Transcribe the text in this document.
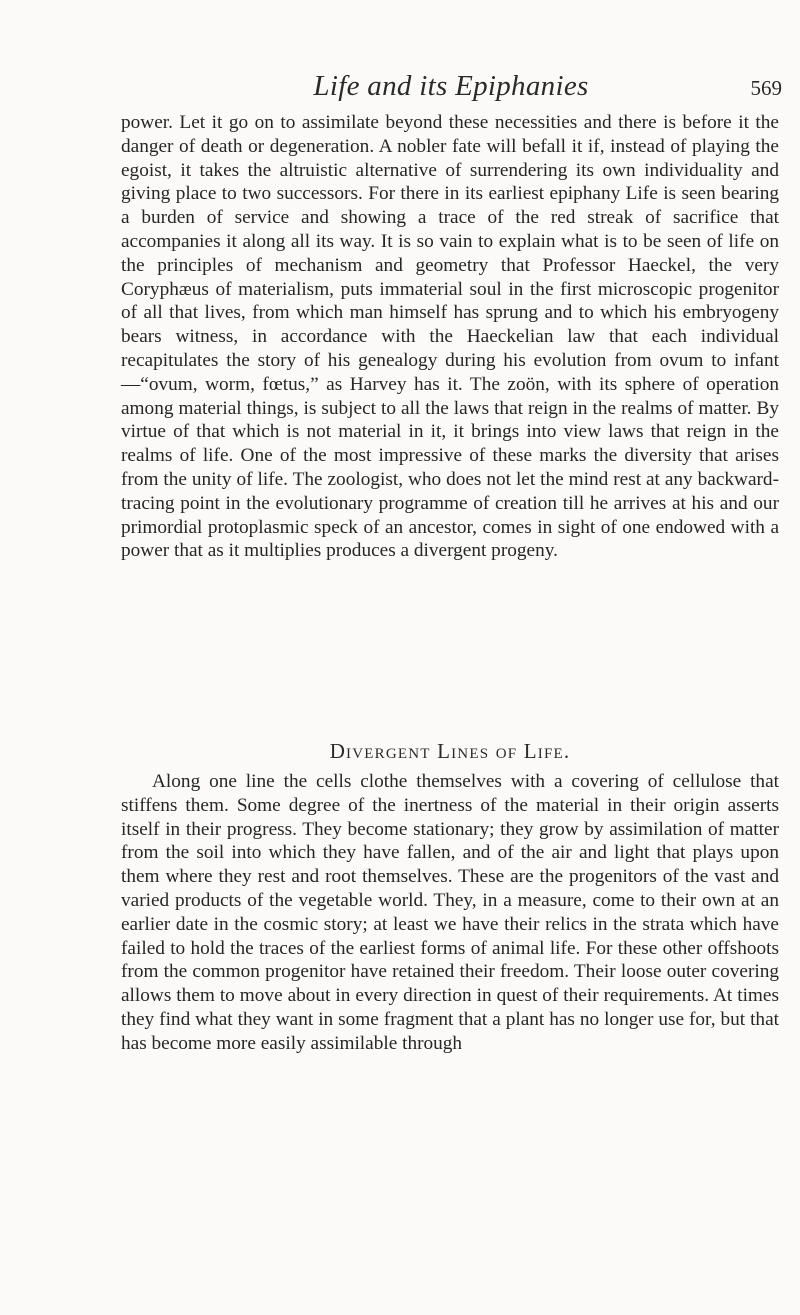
Life and its Epiphanies	569

power. Let it go on to assimilate beyond these necessities and there is before it the danger of death or degeneration. A nobler fate will befall it if, instead of playing the egoist, it takes the altruistic alternative of surrendering its own individuality and giving place to two successors. For there in its earliest epiphany Life is seen bearing a burden of service and showing a trace of the red streak of sacrifice that accompanies it along all its way. It is so vain to explain what is to be seen of life on the principles of mechanism and geometry that Professor Haeckel, the very Coryphæus of materialism, puts immaterial soul in the first microscopic progenitor of all that lives, from which man himself has sprung and to which his embryogeny bears witness, in accordance with the Haeckelian law that each individual recapitulates the story of his genealogy during his evolution from ovum to infant—“ovum, worm, fœtus,” as Harvey has it. The zoön, with its sphere of operation among material things, is subject to all the laws that reign in the realms of matter. By virtue of that which is not material in it, it brings into view laws that reign in the realms of life. One of the most impressive of these marks the diversity that arises from the unity of life. The zoologist, who does not let the mind rest at any backward-tracing point in the evolutionary programme of creation till he arrives at his and our primordial protoplasmic speck of an ancestor, comes in sight of one endowed with a power that as it multiplies produces a divergent progeny.

Divergent Lines of Life.

Along one line the cells clothe themselves with a covering of cellulose that stiffens them. Some degree of the inertness of the material in their origin asserts itself in their progress. They become stationary; they grow by assimilation of matter from the soil into which they have fallen, and of the air and light that plays upon them where they rest and root themselves. These are the progenitors of the vast and varied products of the vegetable world. They, in a measure, come to their own at an earlier date in the cosmic story; at least we have their relics in the strata which have failed to hold the traces of the earliest forms of animal life. For these other offshoots from the common progenitor have retained their freedom. Their loose outer covering allows them to move about in every direction in quest of their requirements. At times they find what they want in some fragment that a plant has no longer use for, but that has become more easily assimilable through
